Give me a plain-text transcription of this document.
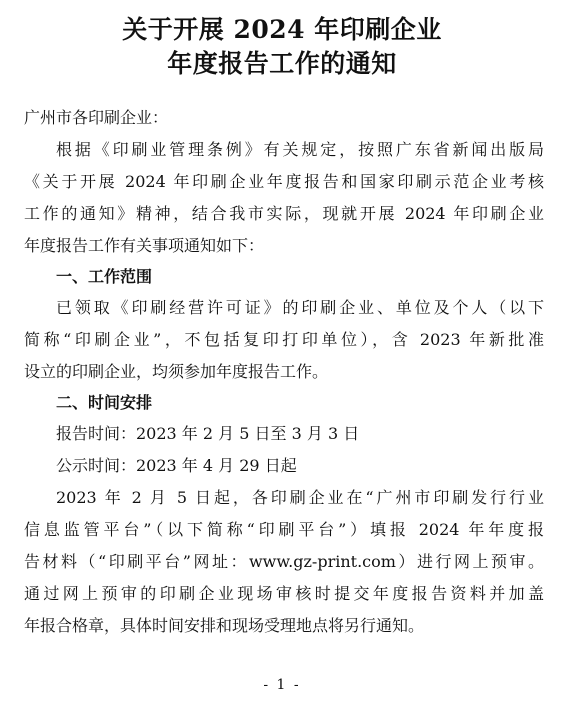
关于开展 2024 年印刷企业
年度报告工作的通知
广州市各印刷企业：
根据《印刷业管理条例》有关规定，按照广东省新闻出版局
《关于开展 2024 年印刷企业年度报告和国家印刷示范企业考核
工作的通知》精神，结合我市实际，现就开展 2024 年印刷企业
年度报告工作有关事项通知如下：
一、工作范围
已领取《印刷经营许可证》的印刷企业、单位及个人（以下
简称“印刷企业”，不包括复印打印单位），含 2023 年新批准
设立的印刷企业，均须参加年度报告工作。
二、时间安排
报告时间：2023 年 2 月 5 日至 3 月 3 日
公示时间：2023 年 4 月 29 日起
2023 年 2 月 5 日起，各印刷企业在“广州市印刷发行行业
信息监管平台”（以下简称“印刷平台”）填报 2024 年年度报
告材料（“印刷平台”网址：www.gz-print.com）进行网上预审。
通过网上预审的印刷企业现场审核时提交年度报告资料并加盖
年报合格章，具体时间安排和现场受理地点将另行通知。
- 1 -
